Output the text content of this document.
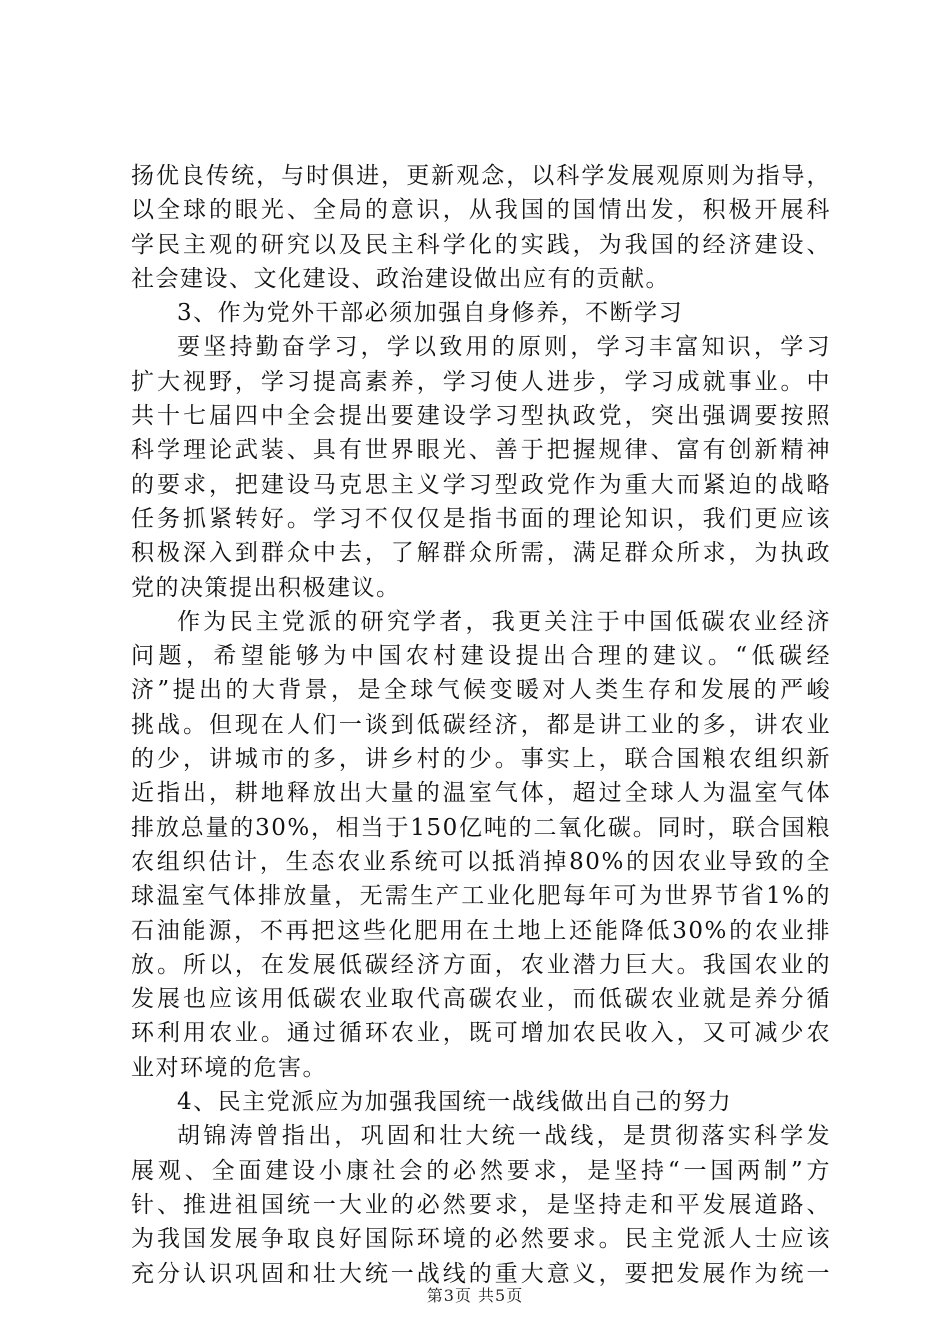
扬优良传统，与时俱进，更新观念，以科学发展观原则为指导，
以全球的眼光、全局的意识，从我国的国情出发，积极开展科
学民主观的研究以及民主科学化的实践，为我国的经济建设、
社会建设、文化建设、政治建设做出应有的贡献。
3、作为党外干部必须加强自身修养，不断学习
要坚持勤奋学习，学以致用的原则，学习丰富知识，学习
扩大视野，学习提高素养，学习使人进步，学习成就事业。中
共十七届四中全会提出要建设学习型执政党，突出强调要按照
科学理论武装、具有世界眼光、善于把握规律、富有创新精神
的要求，把建设马克思主义学习型政党作为重大而紧迫的战略
任务抓紧转好。学习不仅仅是指书面的理论知识，我们更应该
积极深入到群众中去，了解群众所需，满足群众所求，为执政
党的决策提出积极建议。
作为民主党派的研究学者，我更关注于中国低碳农业经济
问题，希望能够为中国农村建设提出合理的建议。“低碳经
济”提出的大背景，是全球气候变暖对人类生存和发展的严峻
挑战。但现在人们一谈到低碳经济，都是讲工业的多，讲农业
的少，讲城市的多，讲乡村的少。事实上，联合国粮农组织新
近指出，耕地释放出大量的温室气体，超过全球人为温室气体
排放总量的30%，相当于150亿吨的二氧化碳。同时，联合国粮
农组织估计，生态农业系统可以抵消掉80%的因农业导致的全
球温室气体排放量，无需生产工业化肥每年可为世界节省1%的
石油能源，不再把这些化肥用在土地上还能降低30%的农业排
放。所以，在发展低碳经济方面，农业潜力巨大。我国农业的
发展也应该用低碳农业取代高碳农业，而低碳农业就是养分循
环利用农业。通过循环农业，既可增加农民收入，又可减少农
业对环境的危害。
4、民主党派应为加强我国统一战线做出自己的努力
胡锦涛曾指出，巩固和壮大统一战线，是贯彻落实科学发
展观、全面建设小康社会的必然要求，是坚持“一国两制”方
针、推进祖国统一大业的必然要求，是坚持走和平发展道路、
为我国发展争取良好国际环境的必然要求。民主党派人士应该
充分认识巩固和壮大统一战线的重大意义，要把发展作为统一
第3页 共5页
